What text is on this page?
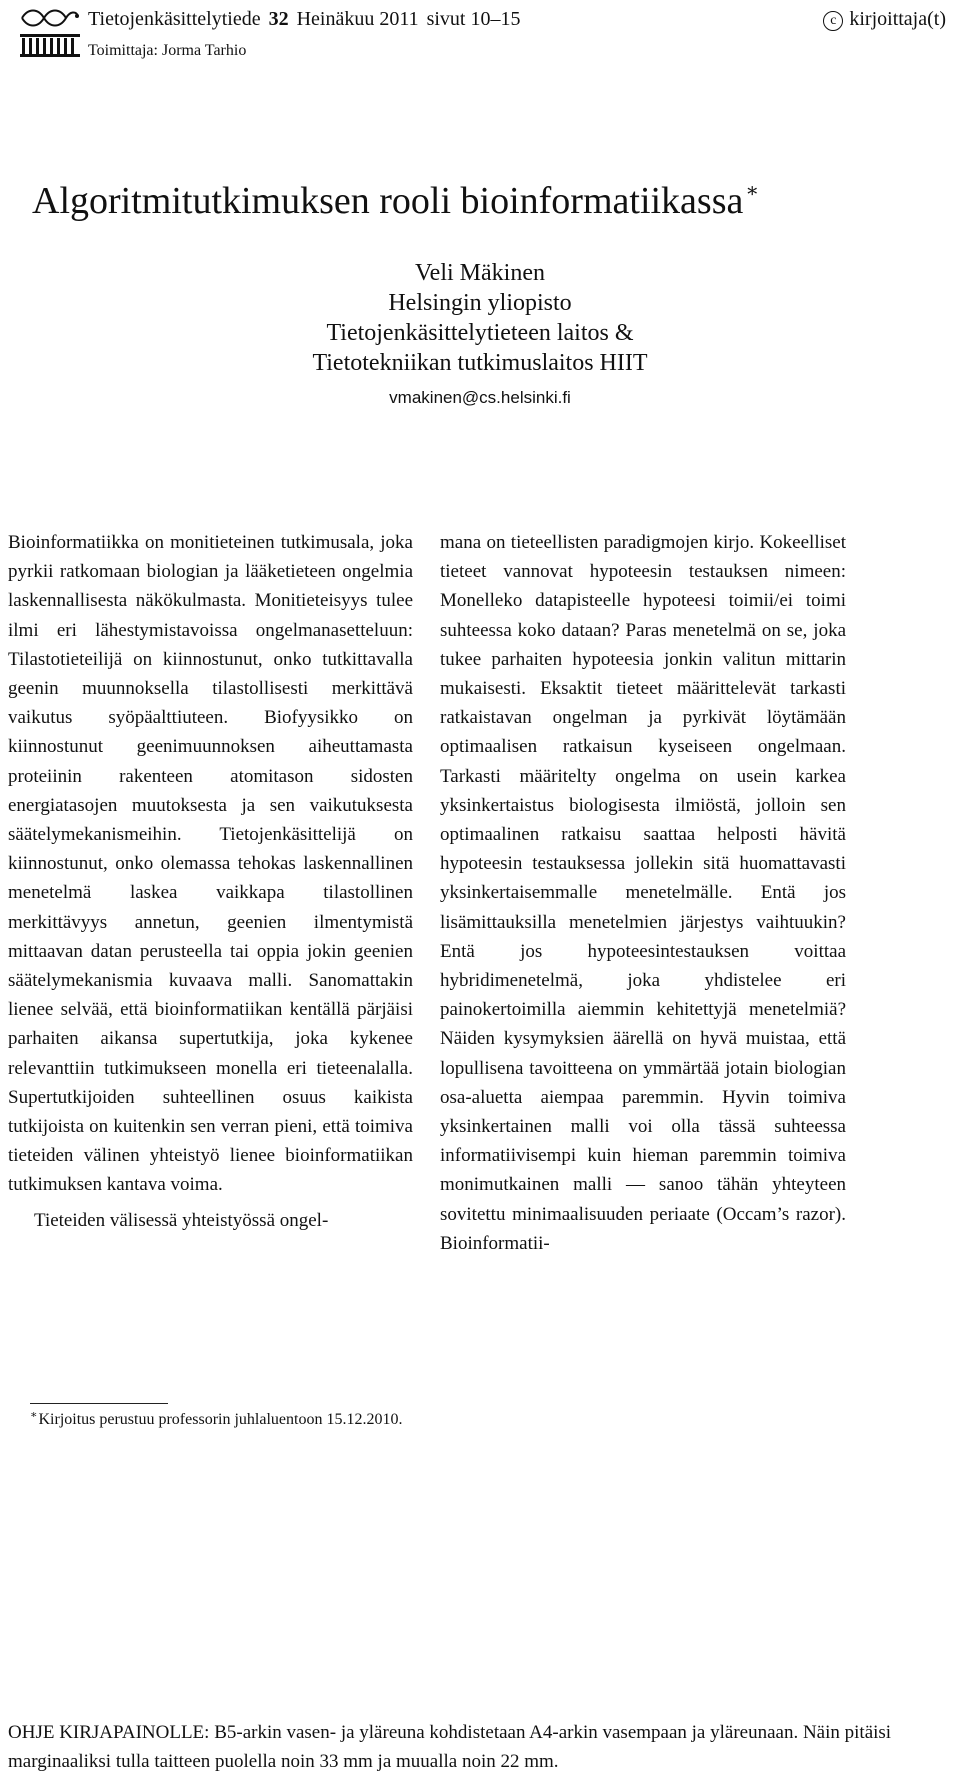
Tietojenkäsittelytiede 32 Heinäkuu 2011 sivut 10–15
Toimittaja: Jorma Tarhio
c kirjoittaja(t)
Algoritmitutkimuksen rooli bioinformatiikassa ∗
Veli Mäkinen
Helsingin yliopisto
Tietojenkäsittelytieteen laitos &
Tietotekniikan tutkimuslaitos HIIT
vmakinen@cs.helsinki.fi

Bioinformatiikka on monitieteinen tutkimusala, joka pyrkii ratkomaan biologian ja lääketieteen ongelmia laskennallisesta näkökulmasta. Monitieteisyys tulee ilmi eri lähestymistavoissa ongelmanasetteluun: Tilastotieteilijä on kiinnostunut, onko tutkittavalla geenin muunnoksella tilastollisesti merkittävä vaikutus syöpäalttiuteen. Biofyysikko on kiinnostunut geenimuunnoksen aiheuttamasta proteiinin rakenteen atomitason sidosten energiatasojen muutoksesta ja sen vaikutuksesta säätelymekanismeihin. Tietojenkäsittelijä on kiinnostunut, onko olemassa tehokas laskennallinen menetelmä laskea vaikkapa tilastollinen merkittävyys annetun, geenien ilmentymistä mittaavan datan perusteella tai oppia jokin geenien säätelymekanismia kuvaava malli. Sanomattakin lienee selvää, että bioinformatiikan kentällä pärjäisi parhaiten aikansa supertutkija, joka kykenee relevanttiin tutkimukseen monella eri tieteenalalla. Supertutkijoiden suhteellinen osuus kaikista tutkijoista on kuitenkin sen verran pieni, että toimiva tieteiden välinen yhteistyö lienee bioinformatiikan tutkimuksen kantava voima.

Tieteiden välisessä yhteistyössä ongel-

mana on tieteellisten paradigmojen kirjo. Kokeelliset tieteet vannovat hypoteesin testauksen nimeen: Monelleko datapisteelle hypoteesi toimii/ei toimi suhteessa koko dataan? Paras menetelmä on se, joka tukee parhaiten hypoteesia jonkin valitun mittarin mukaisesti. Eksaktit tieteet määrittelevät tarkasti ratkaistavan ongelman ja pyrkivät löytämään optimaalisen ratkaisun kyseiseen ongelmaan. Tarkasti määritelty ongelma on usein karkea yksinkertaistus biologisesta ilmiöstä, jolloin sen optimaalinen ratkaisu saattaa helposti hävitä hypoteesin testauksessa jollekin sitä huomattavasti yksinkertaisemmalle menetelmälle. Entä jos lisämittauksilla menetelmien järjestys vaihtuukin? Entä jos hypoteesintestauksen voittaa hybridimenetelmä, joka yhdistelee eri painokertoimilla aiemmin kehitettyjä menetelmiä? Näiden kysymyksien äärellä on hyvä muistaa, että lopullisena tavoitteena on ymmärtää jotain biologian osa-aluetta aiempaa paremmin. Hyvin toimiva yksinkertainen malli voi olla tässä suhteessa informatiivisempi kuin hieman paremmin toimiva monimutkainen malli — sanoo tähän yhteyteen sovitettu minimaalisuuden periaate (Occam’s razor). Bioinformatii-

∗Kirjoitus perustuu professorin juhlaluentoon 15.12.2010.
OHJE KIRJAPAINOLLE: B5-arkin vasen- ja yläreuna kohdistetaan A4-arkin vasempaan ja yläreunaan. Näin pitäisi marginaaliksi tulla taitteen puolella noin 33 mm ja muualla noin 22 mm.
